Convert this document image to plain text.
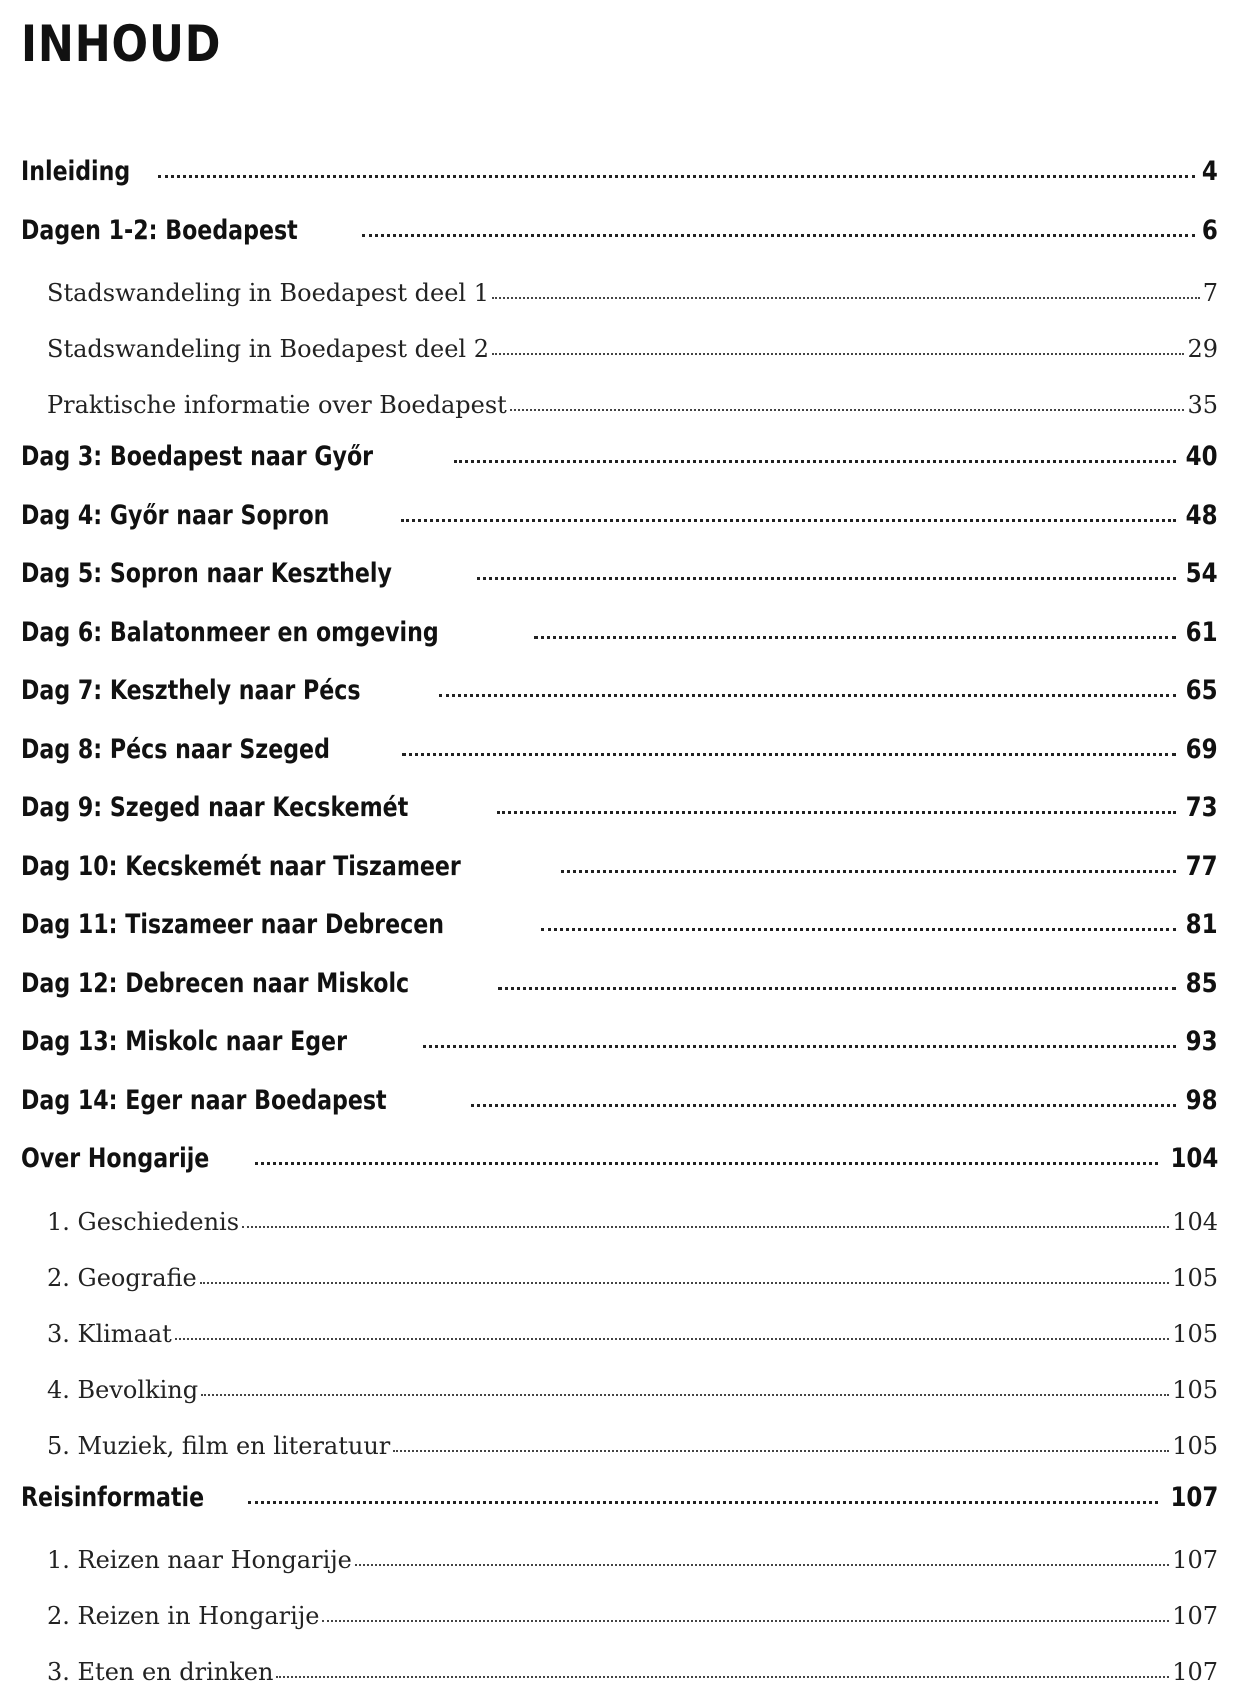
INHOUD
Inleiding	4
Dagen 1-2: Boedapest	6
Stadswandeling in Boedapest deel 1	7
Stadswandeling in Boedapest deel 2	29
Praktische informatie over Boedapest	35
Dag 3: Boedapest naar Győr	40
Dag 4: Győr naar Sopron	48
Dag 5: Sopron naar Keszthely	54
Dag 6: Balatonmeer en omgeving	61
Dag 7: Keszthely naar Pécs	65
Dag 8: Pécs naar Szeged	69
Dag 9: Szeged naar Kecskemét	73
Dag 10: Kecskemét naar Tiszameer	77
Dag 11: Tiszameer naar Debrecen	81
Dag 12: Debrecen naar Miskolc	85
Dag 13: Miskolc naar Eger	93
Dag 14: Eger naar Boedapest	98
Over Hongarije	104
1. Geschiedenis	104
2. Geografie	105
3. Klimaat	105
4. Bevolking	105
5. Muziek, film en literatuur	105
Reisinformatie	107
1. Reizen naar Hongarije	107
2. Reizen in Hongarije	107
3. Eten en drinken	107
